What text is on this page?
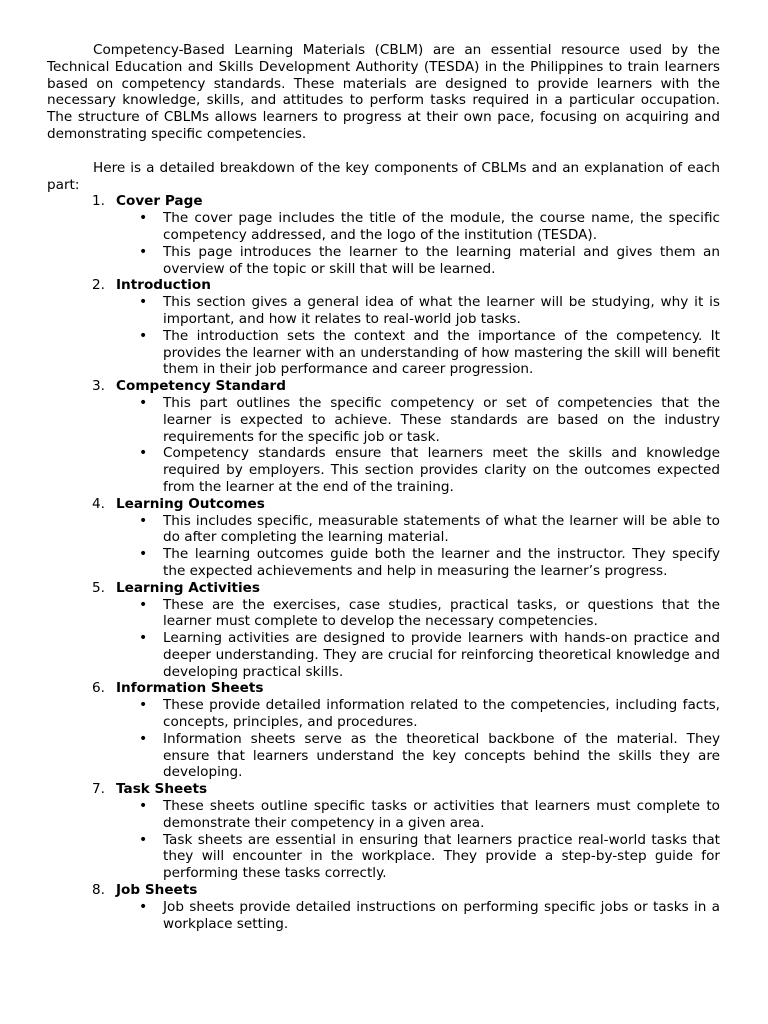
Competency-Based Learning Materials (CBLM) are an essential resource used by the Technical Education and Skills Development Authority (TESDA) in the Philippines to train learners based on competency standards. These materials are designed to provide learners with the necessary knowledge, skills, and attitudes to perform tasks required in a particular occupation. The structure of CBLMs allows learners to progress at their own pace, focusing on acquiring and demonstrating specific competencies.

Here is a detailed breakdown of the key components of CBLMs and an explanation of each part:

Cover Page
• The cover page includes the title of the module, the course name, the specific competency addressed, and the logo of the institution (TESDA).
• This page introduces the learner to the learning material and gives them an overview of the topic or skill that will be learned.
Introduction
• This section gives a general idea of what the learner will be studying, why it is important, and how it relates to real-world job tasks.
• The introduction sets the context and the importance of the competency. It provides the learner with an understanding of how mastering the skill will benefit them in their job performance and career progression.
Competency Standard
• This part outlines the specific competency or set of competencies that the learner is expected to achieve. These standards are based on the industry requirements for the specific job or task.
• Competency standards ensure that learners meet the skills and knowledge required by employers. This section provides clarity on the outcomes expected from the learner at the end of the training.
Learning Outcomes
• This includes specific, measurable statements of what the learner will be able to do after completing the learning material.
• The learning outcomes guide both the learner and the instructor. They specify the expected achievements and help in measuring the learner’s progress.
Learning Activities
• These are the exercises, case studies, practical tasks, or questions that the learner must complete to develop the necessary competencies.
• Learning activities are designed to provide learners with hands-on practice and deeper understanding. They are crucial for reinforcing theoretical knowledge and developing practical skills.
Information Sheets
• These provide detailed information related to the competencies, including facts, concepts, principles, and procedures.
• Information sheets serve as the theoretical backbone of the material. They ensure that learners understand the key concepts behind the skills they are developing.
Task Sheets
• These sheets outline specific tasks or activities that learners must complete to demonstrate their competency in a given area.
• Task sheets are essential in ensuring that learners practice real-world tasks that they will encounter in the workplace. They provide a step-by-step guide for performing these tasks correctly.
Job Sheets
• Job sheets provide detailed instructions on performing specific jobs or tasks in a workplace setting.
